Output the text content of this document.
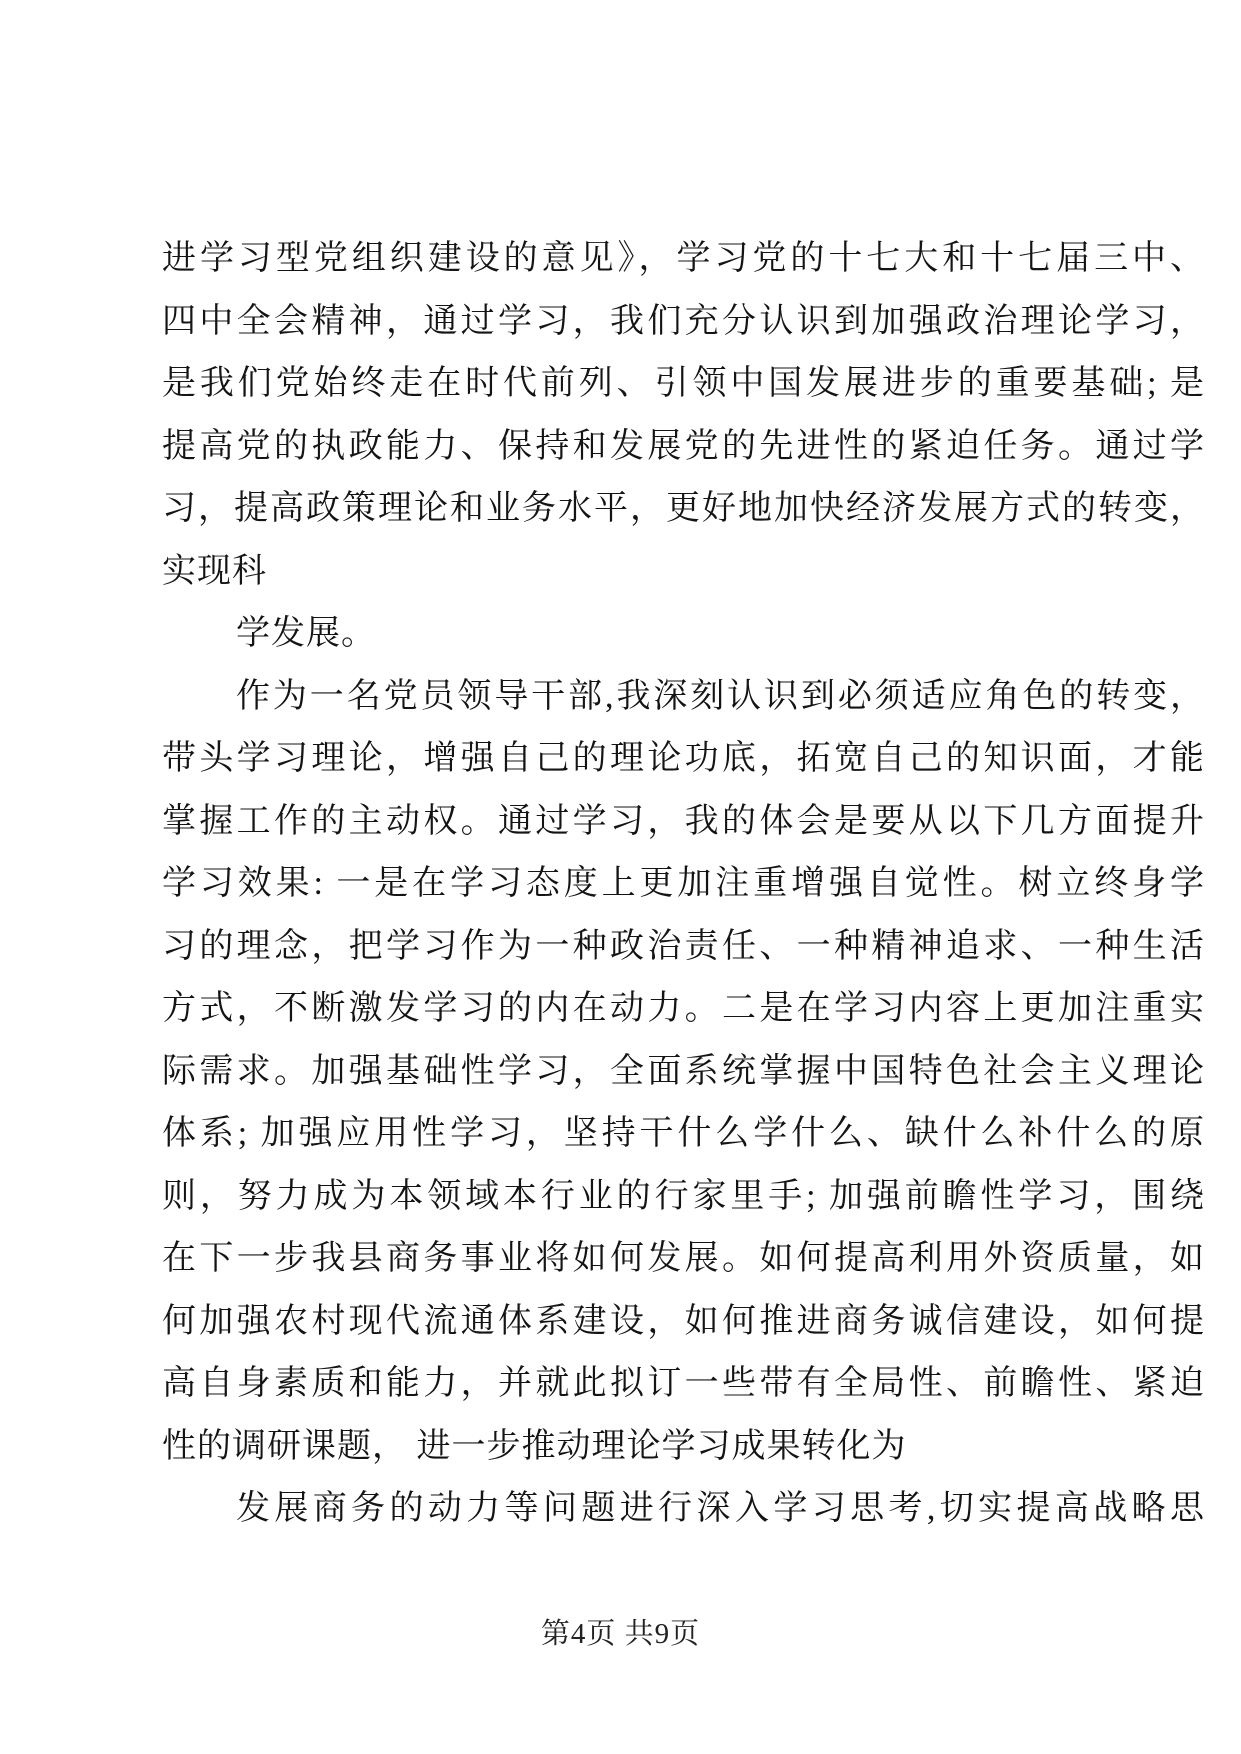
进学习型党组织建设的意见》，学习党的十七大和十七届三中、
四中全会精神，通过学习，我们充分认识到加强政治理论学习，
是我们党始终走在时代前列、引领中国发展进步的重要基础; 是
提高党的执政能力、保持和发展党的先进性的紧迫任务。通过学
习，提高政策理论和业务水平，更好地加快经济发展方式的转变，
实现科
学发展。
作为一名党员领导干部,我深刻认识到必须适应角色的转变，
带头学习理论，增强自己的理论功底，拓宽自己的知识面，才能
掌握工作的主动权。通过学习，我的体会是要从以下几方面提升
学习效果: 一是在学习态度上更加注重增强自觉性。树立终身学
习的理念，把学习作为一种政治责任、一种精神追求、一种生活
方式，不断激发学习的内在动力。二是在学习内容上更加注重实
际需求。加强基础性学习，全面系统掌握中国特色社会主义理论
体系; 加强应用性学习，坚持干什么学什么、缺什么补什么的原
则，努力成为本领域本行业的行家里手; 加强前瞻性学习，围绕
在下一步我县商务事业将如何发展。如何提高利用外资质量，如
何加强农村现代流通体系建设，如何推进商务诚信建设，如何提
高自身素质和能力，并就此拟订一些带有全局性、前瞻性、紧迫
性的调研课题， 进一步推动理论学习成果转化为
发展商务的动力等问题进行深入学习思考,切实提高战略思
第4页 共9页
